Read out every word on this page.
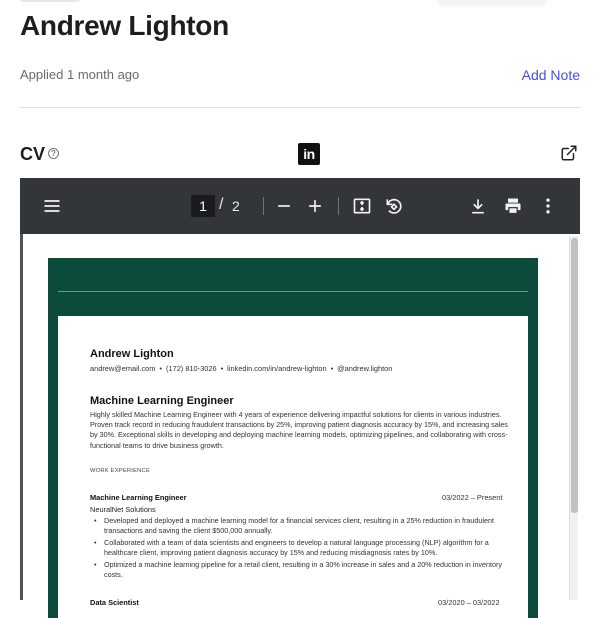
Andrew Lighton
Applied 1 month ago	Add Note
CV ?	in
1 / 2
Andrew Lighton
andrew@email.com • (172) 810-3026 • linkedin.com/in/andrew-lighton • @andrew.lighton
Machine Learning Engineer
Highly skilled Machine Learning Engineer with 4 years of experience delivering impactful solutions for clients in various industries. Proven track record in reducing fraudulent transactions by 25%, improving patient diagnosis accuracy by 15%, and increasing sales by 30%. Exceptional skills in developing and deploying machine learning models, optimizing pipelines, and collaborating with cross-functional teams to drive business growth.
WORK EXPERIENCE
Machine Learning Engineer	03/2022 – Present
NeuralNet Solutions
• Developed and deployed a machine learning model for a financial services client, resulting in a 25% reduction in fraudulent transactions and saving the client $500,000 annually.
• Collaborated with a team of data scientists and engineers to develop a natural language processing (NLP) algorithm for a healthcare client, improving patient diagnosis accuracy by 15% and reducing misdiagnosis rates by 10%.
• Optimized a machine learning pipeline for a retail client, resulting in a 30% increase in sales and a 20% reduction in inventory costs.
Data Scientist	03/2020 – 03/2022
